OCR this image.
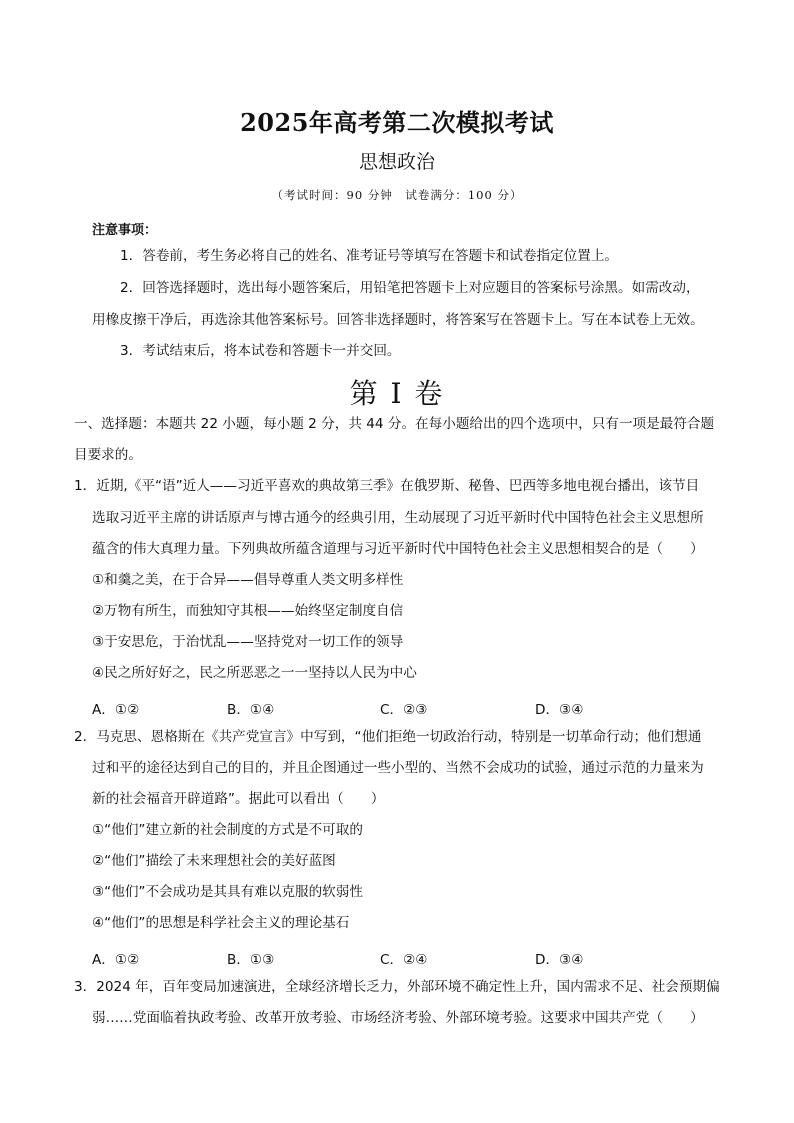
2025年高考第二次模拟考试
思想政治
（考试时间：90 分钟　试卷满分：100 分）
注意事项：
1．答卷前，考生务必将自己的姓名、准考证号等填写在答题卡和试卷指定位置上。
2．回答选择题时，选出每小题答案后，用铅笔把答题卡上对应题目的答案标号涂黑。如需改动，
用橡皮擦干净后，再选涂其他答案标号。回答非选择题时，将答案写在答题卡上。写在本试卷上无效。
3．考试结束后，将本试卷和答题卡一并交回。
第 I 卷
一、选择题：本题共 22 小题，每小题 2 分，共 44 分。在每小题给出的四个选项中，只有一项是最符合题
目要求的。
1．近期,《平“语”近人——习近平喜欢的典故第三季》在俄罗斯、秘鲁、巴西等多地电视台播出，该节目
选取习近平主席的讲话原声与博古通今的经典引用，生动展现了习近平新时代中国特色社会主义思想所
蕴含的伟大真理力量。下列典故所蕴含道理与习近平新时代中国特色社会主义思想相契合的是（　　）
①和羹之美，在于合异——倡导尊重人类文明多样性
②万物有所生，而独知守其根——始终坚定制度自信
③于安思危，于治忧乱——坚持党对一切工作的领导
④民之所好好之，民之所恶恶之一一坚持以人民为中心
A．①②	B．①④	C．②③	D．③④
2．马克思、恩格斯在《共产党宣言》中写到，“他们拒绝一切政治行动，特别是一切革命行动；他们想通
过和平的途径达到自己的目的，并且企图通过一些小型的、当然不会成功的试验，通过示范的力量来为
新的社会福音开辟道路”。据此可以看出（　　）
①“他们”建立新的社会制度的方式是不可取的
②“他们”描绘了未来理想社会的美好蓝图
③“他们”不会成功是其具有难以克服的软弱性
④“他们”的思想是科学社会主义的理论基石
A．①②	B．①③	C．②④	D．③④
3．2024 年，百年变局加速演进，全球经济增长乏力，外部环境不确定性上升，国内需求不足、社会预期偏
弱……党面临着执政考验、改革开放考验、市场经济考验、外部环境考验。这要求中国共产党（　　）
